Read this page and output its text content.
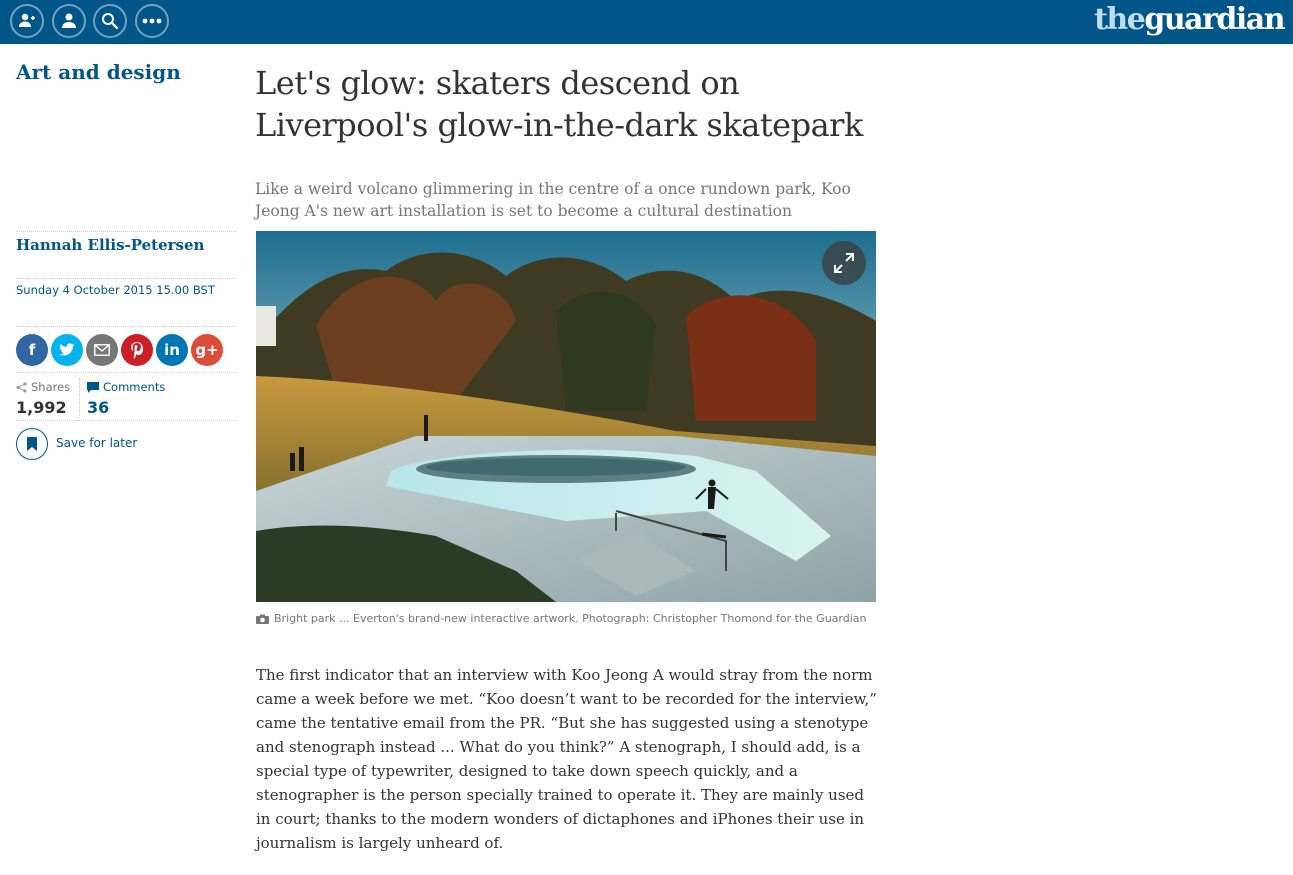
theguardian
Art and design Let's glow: skaters descend on Liverpool's glow-in-the-dark skatepark
Like a weird volcano glimmering in the centre of a once rundown park, Koo Jeong A's new art installation is set to become a cultural destination
Hannah Ellis-Petersen
Sunday 4 October 2015 15.00 BST
f	in g+
Shares
1,992
Comments
36
Save for later
Bright park ... Everton's brand-new interactive artwork. Photograph: Christopher Thomond for the Guardian

The first indicator that an interview with Koo Jeong A would stray from the norm came a week before we met. “Koo doesn’t want to be recorded for the interview,” came the tentative email from the PR. “But she has suggested using a stenotype and stenograph instead ... What do you think?” A stenograph, I should add, is a special type of typewriter, designed to take down speech quickly, and a stenographer is the person specially trained to operate it. They are mainly used in court; thanks to the modern wonders of dictaphones and iPhones their use in journalism is largely unheard of.
